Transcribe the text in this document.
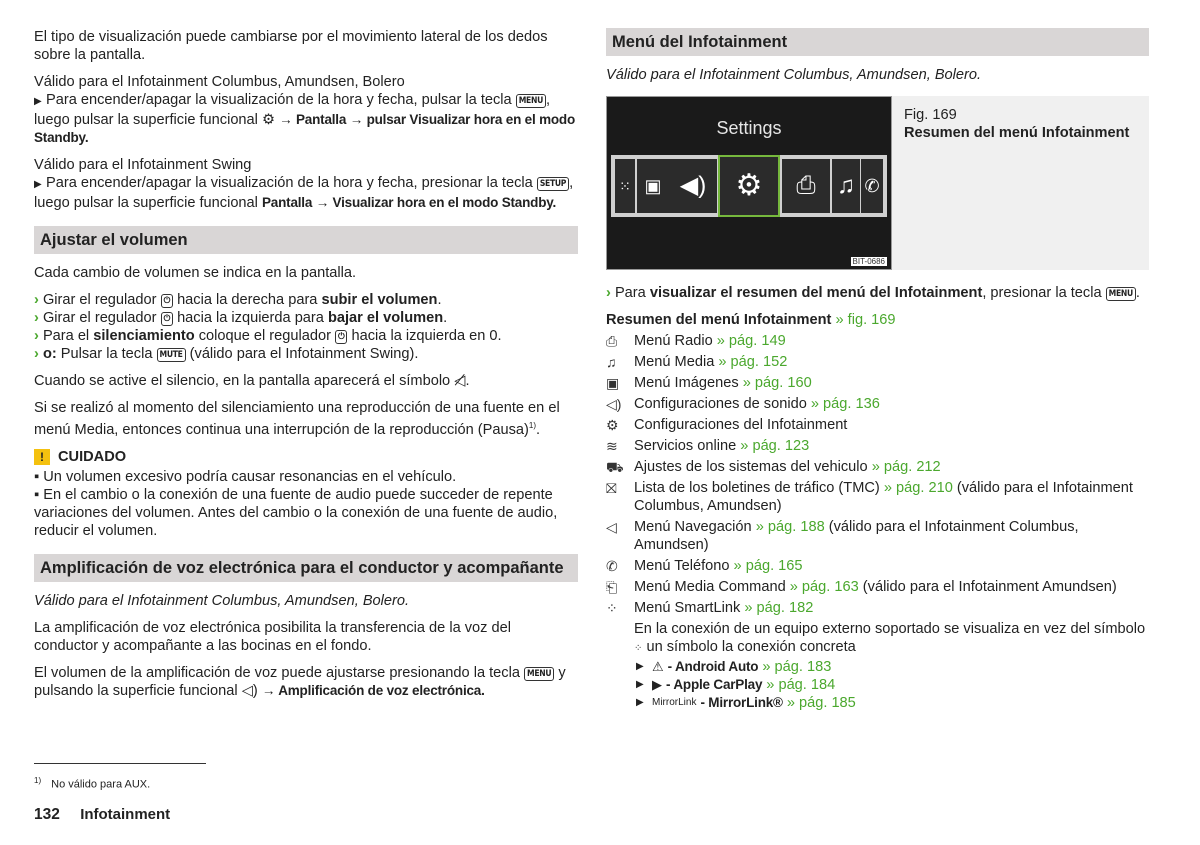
El tipo de visualización puede cambiarse por el movimiento lateral de los dedos sobre la pantalla.

Válido para el Infotainment Columbus, Amundsen, Bolero

▶ Para encender/apagar la visualización de la hora y fecha, pulsar la tecla MENU , luego pulsar la superficie funcional ⚙ → Pantalla → pulsar Visualizar hora en el modo Standby.

Válido para el Infotainment Swing

▶ Para encender/apagar la visualización de la hora y fecha, presionar la tecla SETUP , luego pulsar la superficie funcional Pantalla → Visualizar hora en el modo Standby.

Ajustar el volumen

Cada cambio de volumen se indica en la pantalla.

› Girar el regulador ⏻ hacia la derecha para subir el volumen.

› Girar el regulador ⏻ hacia la izquierda para bajar el volumen.

› Para el silenciamiento coloque el regulador ⏻ hacia la izquierda en 0.

› o: Pulsar la tecla MUTE (válido para el Infotainment Swing).

Cuando se active el silencio, en la pantalla aparecerá el símbolo ◁̸.

Si se realizó al momento del silenciamiento una reproducción de una fuente en el menú Media, entonces continua una interrupción de la reproducción (Pausa)$^{1)}$.

! CUIDADO

▪ Un volumen excesivo podría causar resonancias en el vehículo.

▪ En el cambio o la conexión de una fuente de audio puede succeder de repente variaciones del volumen. Antes del cambio o la conexión de una fuente de audio, reducir el volumen.

Amplificación de voz electrónica para el conductor y acompañante

Válido para el Infotainment Columbus, Amundsen, Bolero.

La amplificación de voz electrónica posibilita la transferencia de la voz del conductor y acompañante a las bocinas en el fondo.

El volumen de la amplificación de voz puede ajustarse presionando la tecla MENU y pulsando la superficie funcional ◁) → Amplificación de voz electrónica.

Menú del Infotainment

Válido para el Infotainment Columbus, Amundsen, Bolero.

Settings
⁙ ▣ ◀) ⚙	⎙ ♫ ✆
BIT-0686
Fig. 169
Resumen del menú Infotainment

› Para visualizar el resumen del menú del Infotainment, presionar la tecla MENU .

Resumen del menú Infotainment » fig. 169

⎙	Menú Radio » pág. 149
♫	Menú Media » pág. 152
▣	Menú Imágenes » pág. 160
◁) Configuraciones de sonido » pág. 136
⚙	Configuraciones del Infotainment
≋	Servicios online » pág. 123
⛟ Ajustes de los sistemas del vehiculo » pág. 212
⛝	Lista de los boletines de tráfico (TMC) » pág. 210 (válido para el Infotainment Columbus, Amundsen)
◁	Menú Navegación » pág. 188 (válido para el Infotainment Columbus, Amundsen)
✆	Menú Teléfono » pág. 165
⎗	Menú Media Command » pág. 163 (válido para el Infotainment Amundsen)
⁘	Menú SmartLink » pág. 182

En la conexión de un equipo externo soportado se visualiza en vez del símbolo ⁘ un símbolo la conexión concreta

▶ ⚠ - Android Auto » pág. 183
▶ ▶ - Apple CarPlay » pág. 184
▶ MirrorLink - MirrorLink® » pág. 185
$^{1)}$ No válido para AUX.
132 Infotainment
